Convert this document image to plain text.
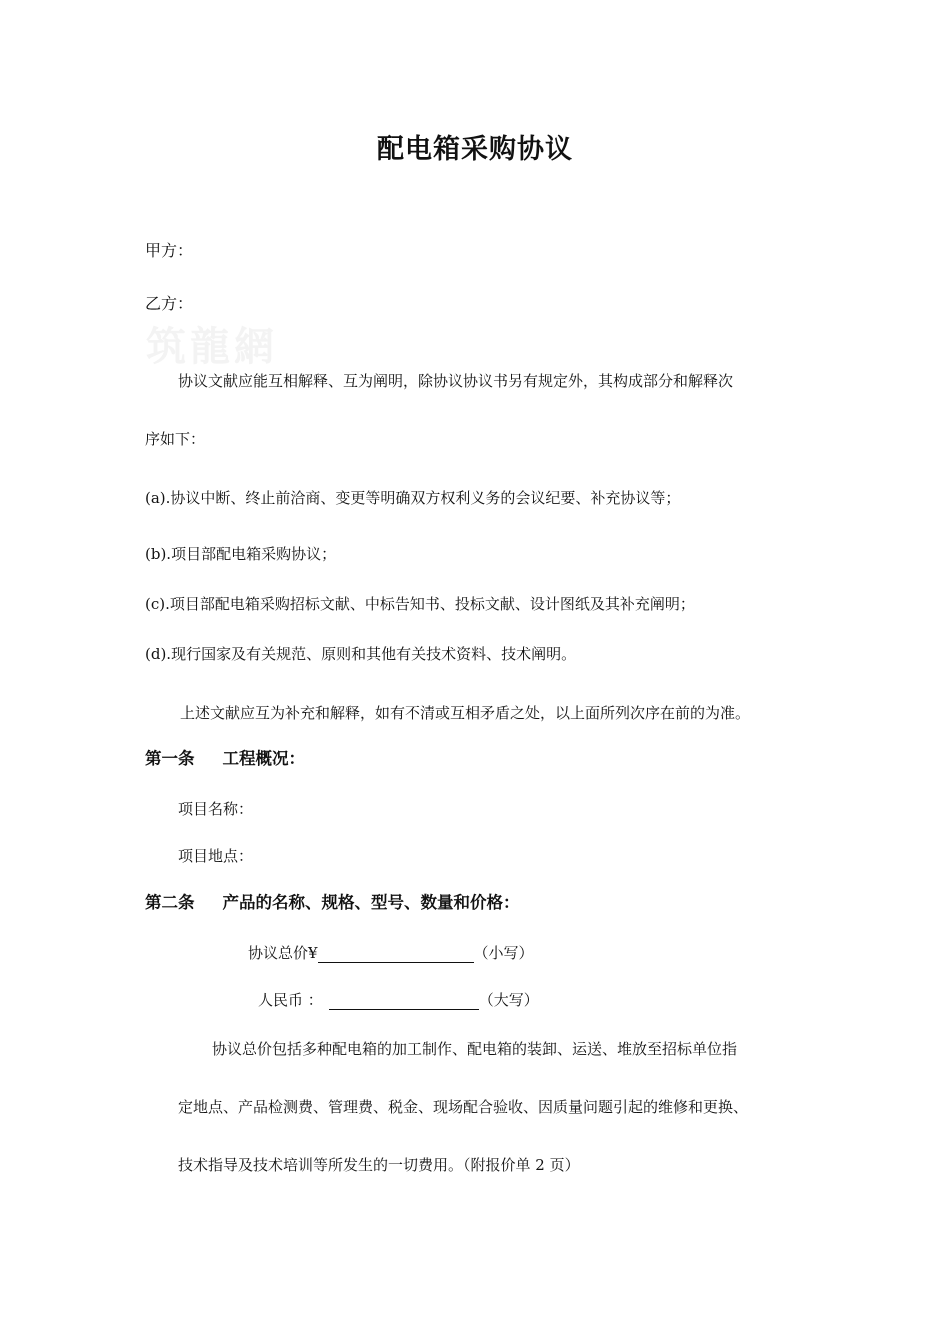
筑龍網
配电箱采购协议
甲方：
乙方：
协议文献应能互相解释、互为阐明，除协议协议书另有规定外，其构成部分和解释次
序如下：
(a).协议中断、终止前洽商、变更等明确双方权利义务的会议纪要、补充协议等；
(b).项目部配电箱采购协议；
(c).项目部配电箱采购招标文献、中标告知书、投标文献、设计图纸及其补充阐明；
(d).现行国家及有关规范、原则和其他有关技术资料、技术阐明。
上述文献应互为补充和解释，如有不清或互相矛盾之处，以上面所列次序在前的为准。
第一条 工程概况：
项目名称：
项目地点：
第二条 产品的名称、规格、型号、数量和价格：
协议总价¥	（小写）
人民币 ：	（大写）
协议总价包括多种配电箱的加工制作、配电箱的装卸、运送、堆放至招标单位指
定地点、产品检测费、管理费、税金、现场配合验收、因质量问题引起的维修和更换、
技术指导及技术培训等所发生的一切费用。（附报价单 2 页）
